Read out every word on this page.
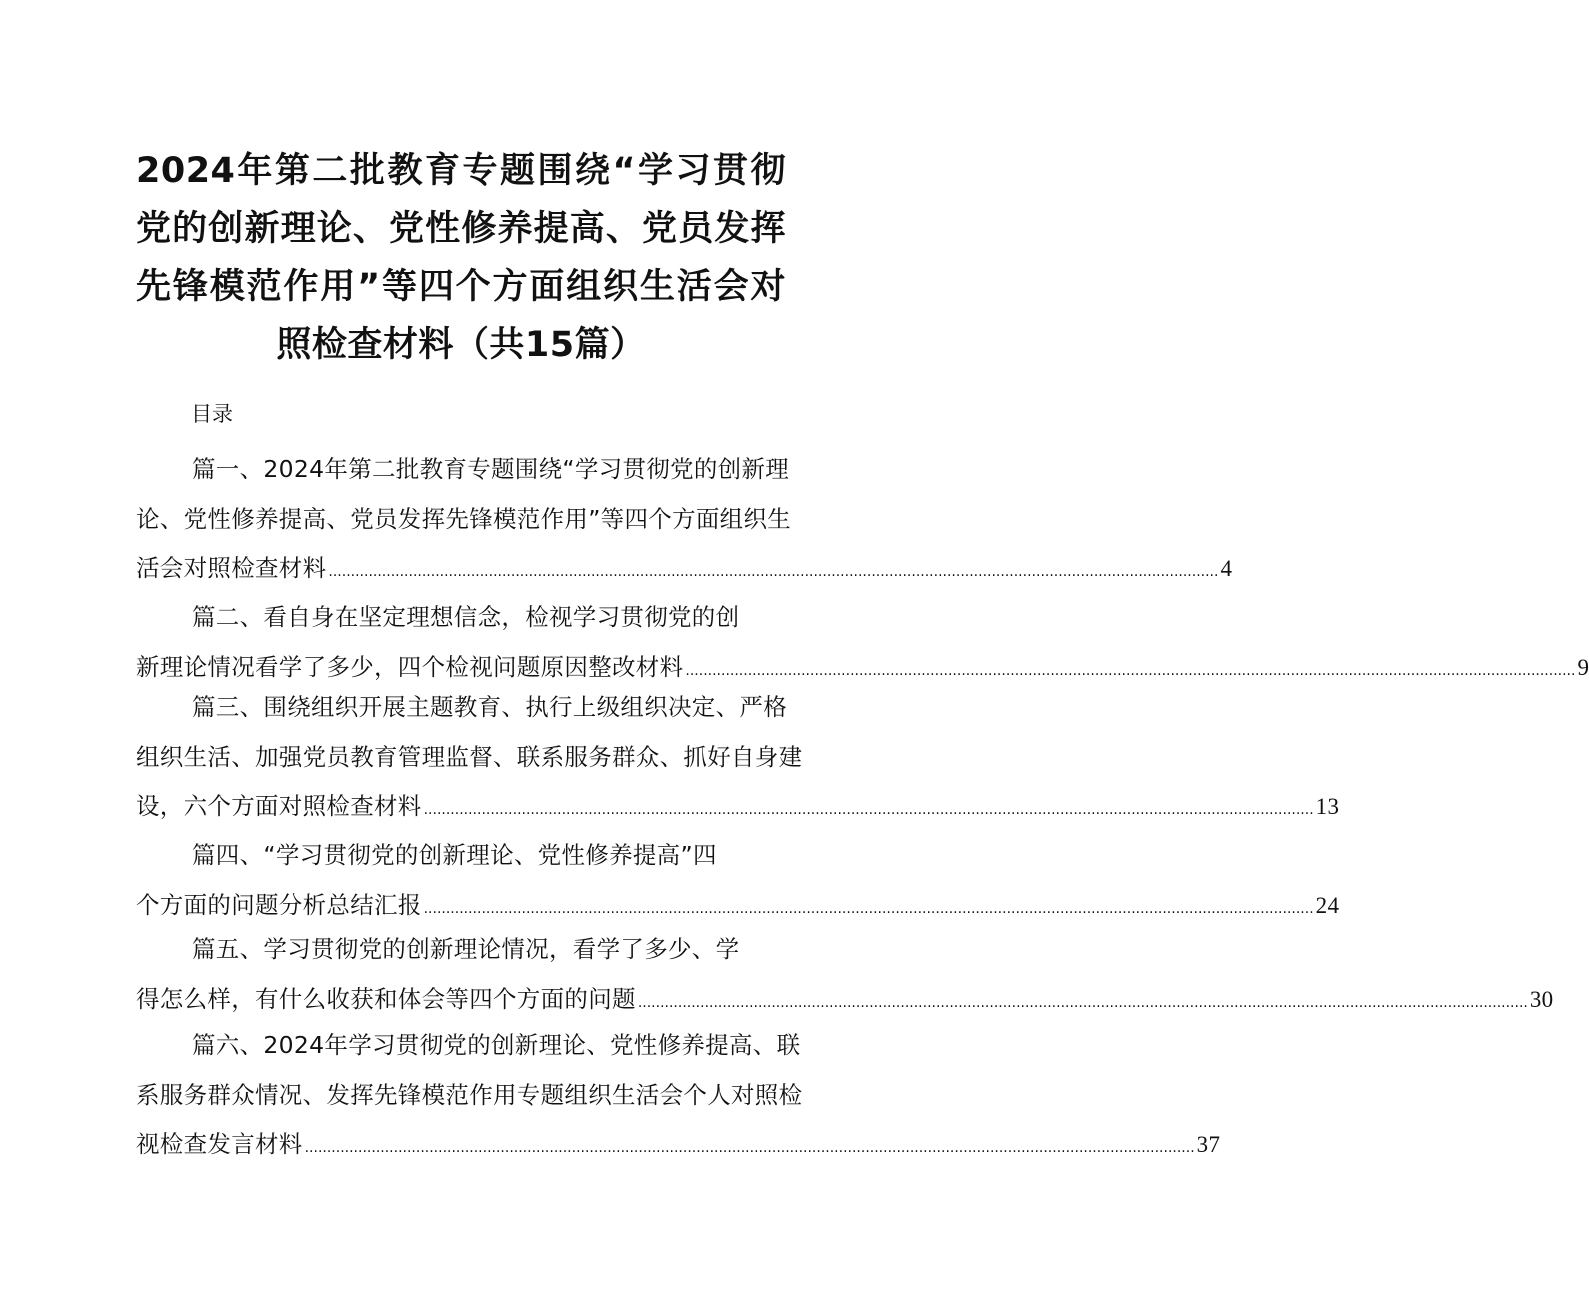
2024年第二批教育专题围绕“学习贯彻党的创新理论、党性修养提高、党员发挥先锋模范作用”等四个方面组织生活会对照检查材料（共15篇）

目录

篇一、2024年第二批教育专题围绕“学习贯彻党的创新理
论、党性修养提高、党员发挥先锋模范作用”等四个方面组织生
活会对照检查材料 ........................................................................................................................................................................................................ 4
篇二、看自身在坚定理想信念，检视学习贯彻党的创
新理论情况看学了多少，四个检视问题原因整改材料 ........................................................................................................................................................................................................ 9
篇三、围绕组织开展主题教育、执行上级组织决定、严格
组织生活、加强党员教育管理监督、联系服务群众、抓好自身建
设，六个方面对照检查材料 ........................................................................................................................................................................................................ 13
篇四、“学习贯彻党的创新理论、党性修养提高”四
个方面的问题分析总结汇报 ........................................................................................................................................................................................................ 24
篇五、学习贯彻党的创新理论情况，看学了多少、学
得怎么样，有什么收获和体会等四个方面的问题 ........................................................................................................................................................................................................ 30
篇六、2024年学习贯彻党的创新理论、党性修养提高、联
系服务群众情况、发挥先锋模范作用专题组织生活会个人对照检
视检查发言材料 ........................................................................................................................................................................................................ 37
